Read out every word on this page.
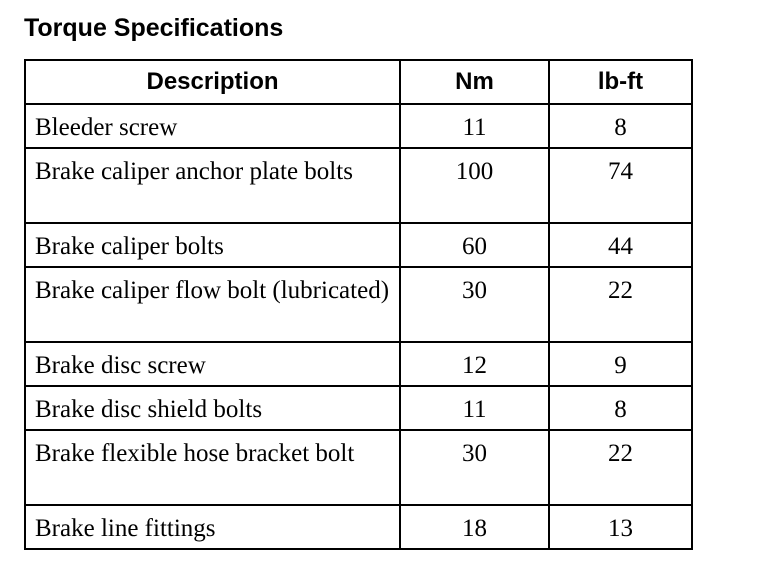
Torque Specifications
Description	Nm	lb-ft
Bleeder screw	11	8
Brake caliper anchor plate bolts	100	74
Brake caliper bolts	60	44
Brake caliper flow bolt (lubricated)	30	22
Brake disc screw	12	9
Brake disc shield bolts	11	8
Brake flexible hose bracket bolt	30	22
Brake line fittings	18	13
